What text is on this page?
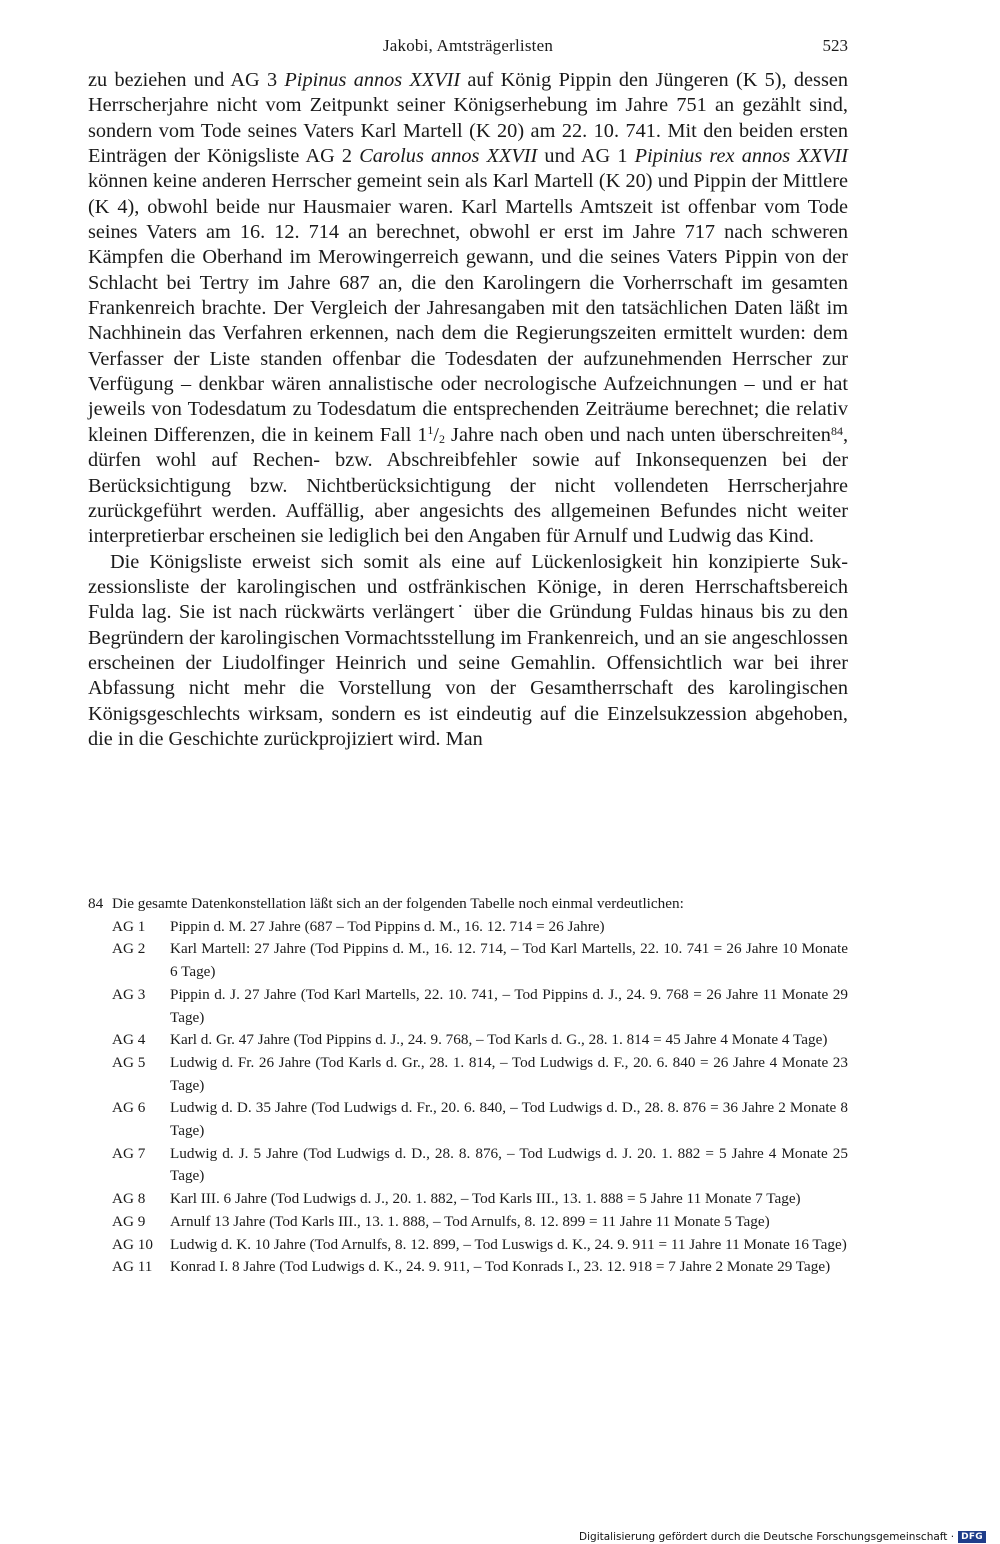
Jakobi, Amtsträgerlisten	523

zu beziehen und AG 3 Pipinus annos XXVII auf König Pippin den Jüngeren (K 5), dessen Herrscherjahre nicht vom Zeitpunkt seiner Königserhebung im Jahre 751 an gezählt sind, sondern vom Tode seines Vaters Karl Martell (K 20) am 22. 10. 741. Mit den beiden ersten Einträgen der Königsliste AG 2 Carolus annos XXVII und AG 1 Pipinius rex annos XXVII können keine anderen Herrscher gemeint sein als Karl Martell (K 20) und Pippin der Mittlere (K 4), obwohl beide nur Hausmaier waren. Karl Martells Amtszeit ist offenbar vom Tode seines Vaters am 16. 12. 714 an berechnet, obwohl er erst im Jahre 717 nach schweren Kämpfen die Oberhand im Merowingerreich gewann, und die seines Vaters Pippin von der Schlacht bei Tertry im Jahre 687 an, die den Karolingern die Vorherrschaft im gesamten Frankenreich brachte. Der Vergleich der Jahresangaben mit den tatsächlichen Daten läßt im Nachhinein das Verfahren erkennen, nach dem die Regierungszeiten ermittelt wurden: dem Verfasser der Liste standen offenbar die Todesdaten der aufzunehmenden Herrscher zur Verfügung – denkbar wären annalistische oder necrologische Aufzeichnungen – und er hat jeweils von Todesdatum zu Todesdatum die entsprechenden Zeiträume berechnet; die relativ kleinen Differenzen, die in keinem Fall $1^1/_2$ Jahre nach oben und nach unten überschreiten$^{84}$, dürfen wohl auf Rechen- bzw. Abschreibfehler sowie auf Inkonsequenzen bei der Berücksichtigung bzw. Nichtberücksichtigung der nicht vollendeten Herrscherjahre zurückgeführt werden. Auffällig, aber angesichts des allgemeinen Befundes nicht weiter interpretierbar erscheinen sie lediglich bei den Angaben für Arnulf und Ludwig das Kind.

Die Königsliste erweist sich somit als eine auf Lückenlosigkeit hin konzipierte Sukzessionsliste der karolingischen und ostfränkischen Könige, in deren Herrschaftsbereich Fulda lag. Sie ist nach rückwärts verlängert˙ über die Gründung Fuldas hinaus bis zu den Begründern der karolingischen Vormachtsstellung im Frankenreich, und an sie angeschlossen erscheinen der Liudolfinger Heinrich und seine Gemahlin. Offensichtlich war bei ihrer Abfassung nicht mehr die Vorstellung von der Gesamtherrschaft des karolingischen Königsgeschlechts wirksam, sondern es ist eindeutig auf die Einzelsukzession abgehoben, die in die Geschichte zurückprojiziert wird. Man

84 Die gesamte Datenkonstellation läßt sich an der folgenden Tabelle noch einmal verdeutlichen:
AG 1	Pippin d. M. 27 Jahre (687 – Tod Pippins d. M., 16. 12. 714 = 26 Jahre)
AG 2	Karl Martell: 27 Jahre (Tod Pippins d. M., 16. 12. 714, – Tod Karl Martells, 22. 10. 741 = 26 Jahre 10 Monate 6 Tage)
AG 3	Pippin d. J. 27 Jahre (Tod Karl Martells, 22. 10. 741, – Tod Pippins d. J., 24. 9. 768 = 26 Jahre 11 Monate 29 Tage)
AG 4	Karl d. Gr. 47 Jahre (Tod Pippins d. J., 24. 9. 768, – Tod Karls d. G., 28. 1. 814 = 45 Jahre 4 Monate 4 Tage)
AG 5	Ludwig d. Fr. 26 Jahre (Tod Karls d. Gr., 28. 1. 814, – Tod Ludwigs d. F., 20. 6. 840 = 26 Jahre 4 Monate 23 Tage)
AG 6	Ludwig d. D. 35 Jahre (Tod Ludwigs d. Fr., 20. 6. 840, – Tod Ludwigs d. D., 28. 8. 876 = 36 Jahre 2 Monate 8 Tage)
AG 7	Ludwig d. J. 5 Jahre (Tod Ludwigs d. D., 28. 8. 876, – Tod Ludwigs d. J. 20. 1. 882 = 5 Jahre 4 Monate 25 Tage)
AG 8	Karl III. 6 Jahre (Tod Ludwigs d. J., 20. 1. 882, – Tod Karls III., 13. 1. 888 = 5 Jahre 11 Monate 7 Tage)
AG 9	Arnulf 13 Jahre (Tod Karls III., 13. 1. 888, – Tod Arnulfs, 8. 12. 899 = 11 Jahre 11 Monate 5 Tage)
AG 10	Ludwig d. K. 10 Jahre (Tod Arnulfs, 8. 12. 899, – Tod Luswigs d. K., 24. 9. 911 = 11 Jahre 11 Monate 16 Tage)
AG 11	Konrad I. 8 Jahre (Tod Ludwigs d. K., 24. 9. 911, – Tod Konrads I., 23. 12. 918 = 7 Jahre 2 Monate 29 Tage)
Digitalisierung gefördert durch die Deutsche Forschungsgemeinschaft · DFG
